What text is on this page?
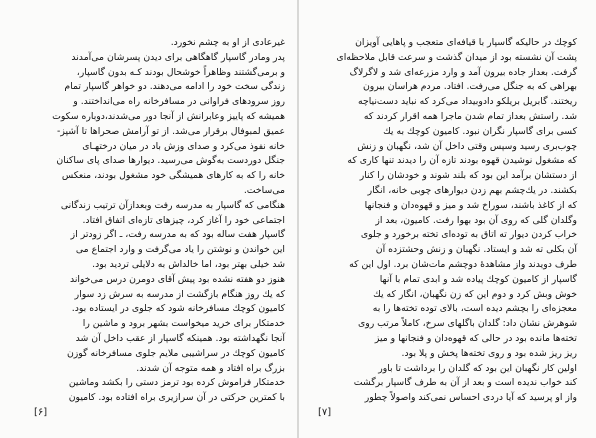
غیرعادی از او به چشم نخورد.
پدر ومادر گاسپار گاهگاهی برای دیدن پسرشان می‌آمدند
و برمی‌گشتند وظاهراً خوشحال بودند کـه بدون گاسپار،
زندگی سخت خود را ادامه می‌دهند. دو خواهر گاسپار تمام
روز سرودهای فراوانی در مسافرخانه راه می‌انداختند. و
همیشه که پاییز وعابرانش از آنجا دور می‌شدند،دوباره سکوت
عمیق لمبوفال برقرار می‌شد. از تو آرامش صحراها تا آشپز-
خانه نفوذ می‌کرد و صدای وزش باد در میان درختهـای
جنگل دوردست به‌گوش می‌رسید. دیوارها صدای پای ساکنان
خانه را که به کارهای همیشگی خود مشغول بودند، منعکس
می‌ساخت.
هنگامی که گاسپار به مدرسه رفت وبعدازآن ترتیب زندگانی
اجتماعی خود را آغاز کرد، چیزهای تازه‌ای اتفاق افتاد.
گاسپار هفت ساله بود که به مدرسه رفت، ـ اگر زودتر از
این خواندن و نوشتن را یاد می‌گرفت و وارد اجتماع می‌
شد خیلی بهتر بود، اما خالداش به دلایلی تردید بود.
هنوز دو هفته نشده بود پیش آقای دومرن درس می‌خواند
که یك روز هنگام بازگشت از مدرسه به سرش زد سوار
کامیون کوچك مسافرخانه شود که جلوی در ایستاده بود.
خدمتکار برای خرید میخواست بشهر برود و ماشین را
آنجا نگهداشته بود. همینکه گاسپار از عقب داخل آن شد
کامیون کوچك در سراشیبی ملایم جلوی مسافرخانه گوزن
بزرگ براه افتاد و همه متوجه آن شدند.
خدمتکار فراموش کرده بود ترمز دستی را بکشد وماشین
با کمترین حرکتی در آن سرازیری براه افتاده بود. کامیون
کوچك در حالیکه گاسپار با قیافه‌ای متعجب و پاهایی آویزان
پشت آن نشسته بود از میدان گذشت و سرعت قابل ملاحظه‌ای
گرفت. بعداز جاده بیرون آمد و وارد مزرعه‌ای شد و لاگرلاگ
بهراهی که به جنگل می‌رفت. افتاد. مردم هراسان بیرون
ریختند. گابریل بریلکو دادوبیداد می‌کرد که نباید دست‌نیاچه
شد. راستش بعداز تمام شدن ماجرا همه اقرار کردند که
کسی برای گاسپار نگران نبود. کامیون کوچك به یك
چوب‌بری رسید وسپس وقتی داخل آن شد، نگهبان و زنش
که مشغول نوشیدن قهوه بودند تازه آن را دیدند تنها کاری که
از دستشان برآمد این بود که بلند شوند و خودشان را کنار
بکشند. در یك‌چشم بهم زدن دیوارهای چوبی خانه، انگار
که از کاغذ باشند، سوراخ شد و میز و قهوه‌دان و فنجانها
وگلدان گلی که روی آن بود بهوا رفت. کامیون، بعد از
خراب کردن دیوار ته اتاق به توده‌ای تخته برخورد و جلوی
آن بکلی ته شد و ایستاد. نگهبان و زنش وحشتزده آن
طرف دویدند واز مشاهده‌ٔ دوچشم مات‌شان برد. اول این که
گاسپار از کامیون کوچك پیاده شد و ابدی تمام با آنها
خوش وبش کرد و دوم این که زن نگهبان، انگار که یك
معجزه‌ای را بچشم دیده است، بالای توده تخته‌ها را به
شوهرش نشان داد: گلدان باگلهای سرخ، کاملاً مرتب روی
تخته‌ها مانده بود در حالی که قهوه‌دان و فنجانها و میز
ریز ریز شده بود و روی تخته‌ها پخش و پلا بود.
اولین کار نگهبان این بود که گلدان را برداشت تا باور
کند خواب ندیده است و بعد از آن به طرف گاسپار برگشت
واز او پرسید که آیا دردی احساس نمی‌کند واصولاً چطور
[۶]	[۷]
